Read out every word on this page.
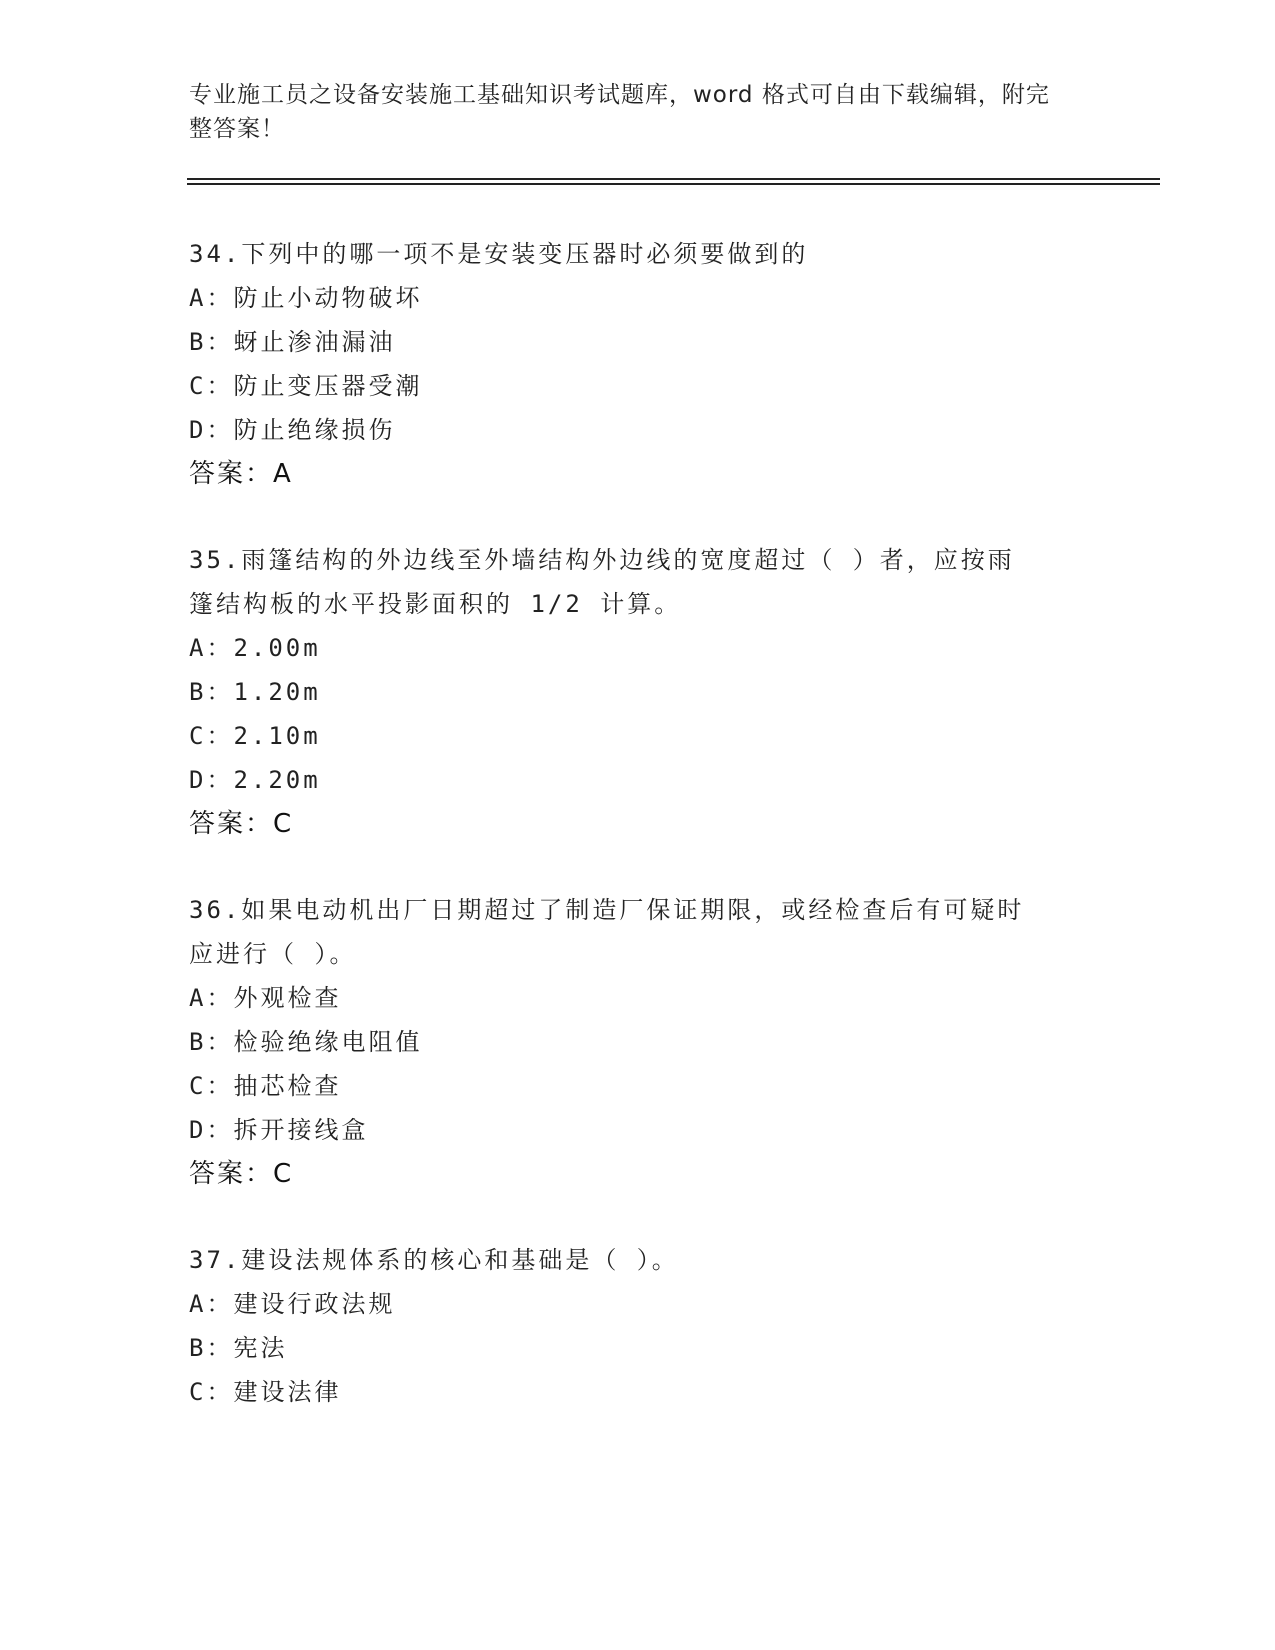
专业施工员之设备安装施工基础知识考试题库，word 格式可自由下载编辑，附完
整答案！
34.下列中的哪一项不是安装变压器时必须要做到的
A：防止小动物破坏
B：蚜止渗油漏油
C：防止变压器受潮
D：防止绝缘损伤
答案：A
35.雨篷结构的外边线至外墙结构外边线的宽度超过（ ）者，应按雨
篷结构板的水平投影面积的 1/2 计算。
A：2.00m
B：1.20m
C：2.10m
D：2.20m
答案：C
36.如果电动机出厂日期超过了制造厂保证期限，或经检查后有可疑时
应进行（ ）。
A：外观检查
B：检验绝缘电阻值
C：抽芯检查
D：拆开接线盒
答案：C
37.建设法规体系的核心和基础是（ ）。
A：建设行政法规
B：宪法
C：建设法律
